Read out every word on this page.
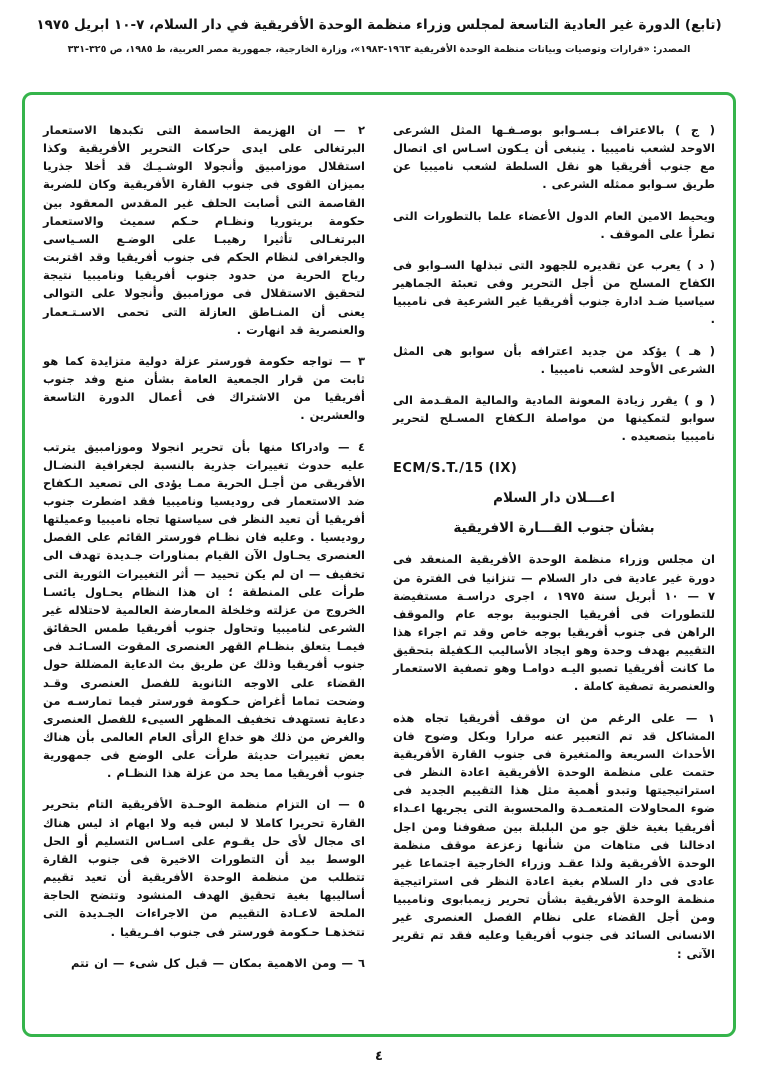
(تابع) الدورة غير العادية التاسعة لمجلس وزراء منظمة الوحدة الأفريقية في دار السلام، ٧-١٠ ابريل ١٩٧٥
المصدر: «قرارات وتوصيات وبيانات منظمة الوحدة الأفريقية ١٩٦٣-١٩٨٣»، وزارة الخارجية، جمهورية مصر العربية، ط ١٩٨٥، ص ٣٢٥-٣٣١

( ج ) بالاعتراف بـسـوابو بوصـفـها المثل الشرعى الاوحد لشعب ناميبيا . ينبغى أن يـكون اسـاس اى اتصال مع جنوب أفريقيا هو نقل السلطة لشعب ناميبيا عن طريق سـوابو ممثله الشرعى .

ويحيط الامين العام الدول الأعضاء علما بالتطورات التى تطرأ على الموقف .

( د ) يعرب عن تقديره للجهود التى تبذلها السـوابو فى الكفاح المسلح من أجل التحرير وفى تعبئة الجماهير سياسيا ضـد ادارة جنوب أفريقيا غير الشرعية فى ناميبيا .

( هـ ) يؤكد من جديد اعترافه بأن سوابو هى المثل الشرعى الأوحد لشعب ناميبيا .

( و ) يقرر زيادة المعونة المادية والمالية المقـدمة الى سوابو لتمكينها من مواصلة الـكفاح المسـلح لتحرير ناميبيا بتصعيده .

ECM/S.T./15 (IX)
اعـــلان دار السلام
بشأن جنوب القـــارة الافريقية

ان مجلس وزراء منظمة الوحدة الأفريقية المنعقد فى دورة غير عادية فى دار السلام — تنزانيا فى الفترة من ٧ — ١٠ أبريل سنة ١٩٧٥ ، اجرى دراسـة مستفيضة للتطورات فى أفريقيا الجنوبية بوجه عام والموقف الراهن فى جنوب أفريقيا بوجه خاص وقد تم اجراء هذا التقييم بهدف وحدة وهو ايجاد الأساليب الـكفيلة بتحقيق ما كانت أفريقيا تصبو اليـه دوامـا وهو تصفية الاستعمار والعنصرية تصفية كاملة .

١ — على الرغم من ان موقف أفريقيا تجاه هذه المشاكل قد تم التعبير عنه مرارا وبكل وضوح فان الأحداث السريعة والمتغيرة فى جنوب القارة الأفريقية حتمت على منظمة الوحدة الأفريقية اعادة النظر فى استراتيجيتها وتبدو أهمية مثل هذا التقييم الجديد فى ضوء المحاولات المتعمـدة والمحسوبة التى يجريها اعـداء أفريقيا بغية خلق جو من البلبلة بين صفوفنا ومن اجل ادخالنا فى متاهات من شأنها زعزعة موقف منظمة الوحدة الأفريقية ولذا عقـد وزراء الخارجية اجتماعا غير عادى فى دار السلام بغية اعادة النظر فى استراتيجية منظمة الوحدة الأفريقية بشأن تحرير زيمبابوى وناميبيا ومن أجل القضاء على نظام الفصل العنصرى غير الانسانى السائد فى جنوب أفريقيا وعليه فقد تم تقرير الآتى :

٢ — ان الهزيمة الحاسمة التى تكبدها الاستعمار البرتغالى على ايدى حركات التحرير الأفريقية وكذا استقلال موزامبيق وأنجولا الوشـيـك قد أخلا جذريا بميزان القوى فى جنوب القارة الأفريقية وكان للضربة القاصمة التى أصابت الحلف غير المقدس المعقود بين حكومة بريتوريا ونظـام حـكم سميث والاستعمار البرتغـالى تأثيرا رهيبـا على الوضـع السـياسى والجغرافى لنظام الحكم فى جنوب أفريقيا وقد اقتربت رياح الحرية من حدود جنوب أفريقيا وناميبيا نتيجة لتحقيق الاستقلال فى موزامبيق وأنجولا على التوالى يعنى أن المنـاطق العازلة التى تحمى الاسـتـعمار والعنصرية قد انهارت .

٣ — تواجه حكومة فورستر عزلة دولية متزايدة كما هو ثابت من قرار الجمعية العامة بشأن منع وفد جنوب أفريقيا من الاشتراك فى أعمال الدورة التاسعة والعشرين .

٤ — وادراكا منها بأن تحرير انجولا وموزامبيق يترتب عليه حدوث تغييرات جذرية بالنسبة لجغرافية النضـال الأفريقى من أجـل الحرية ممـا يؤدى الى تصعيد الـكفاح ضد الاستعمار فى روديسيا وناميبيا فقد اضطرت جنوب أفريقيا أن تعيد النظر فى سياستها تجاه ناميبيا وعميلتها روديسيا . وعليه فان نظـام فورستر القائم على الفصل العنصرى يحـاول الآن القيام بمناورات جـديدة تهدف الى تخفيف — ان لم يكن تحييد — أثر التغييرات الثورية التى طرأت على المنطقة ؛ ان هذا النظام يحـاول يائسـا الخروج من عزلته وخلخلة المعارضة العالمية لاحتلاله غير الشرعى لناميبيا وتحاول جنوب أفريقيا طمس الحقائق فيمـا يتعلق بنظـام القهر العنصرى المقوت السـائـد فى جنوب أفريقيا وذلك عن طريق بث الدعاية المضللة حول القضاء على الاوجه الثانوية للفصل العنصرى وقـد وضحت تماما أغراض حـكومة فورستر فيما تمارسـه من دعاية تستهدف تخفيف المظهر السيىء للفصل العنصرى والغرض من ذلك هو خداع الرأى العام العالمى بأن هناك بعض تغييرات حديثة طرأت على الوضع فى جمهورية جنوب أفريقيا مما يحد من عزلة هذا النظـام .

٥ — ان التزام منظمة الوحـدة الأفريقية التام بتحرير القارة تحريرا كاملا لا لبس فيه ولا ابهام اذ ليس هناك اى مجال لأى حل يقـوم على اسـاس التسليم أو الحل الوسط بيد أن التطورات الاخيرة فى جنوب القارة تتطلب من منظمة الوحدة الأفريقية أن تعيد تقييم أساليبها بغية تحقيق الهدف المنشود وتتضح الحاجة الملحة لاعـادة التقييم من الاجراءات الجـديدة التى تتخذهـا حـكومة فورستر فى جنوب افـريقيا .

٦ — ومن الاهمية بمكان — قبل كل شىء — ان تتم

٤
